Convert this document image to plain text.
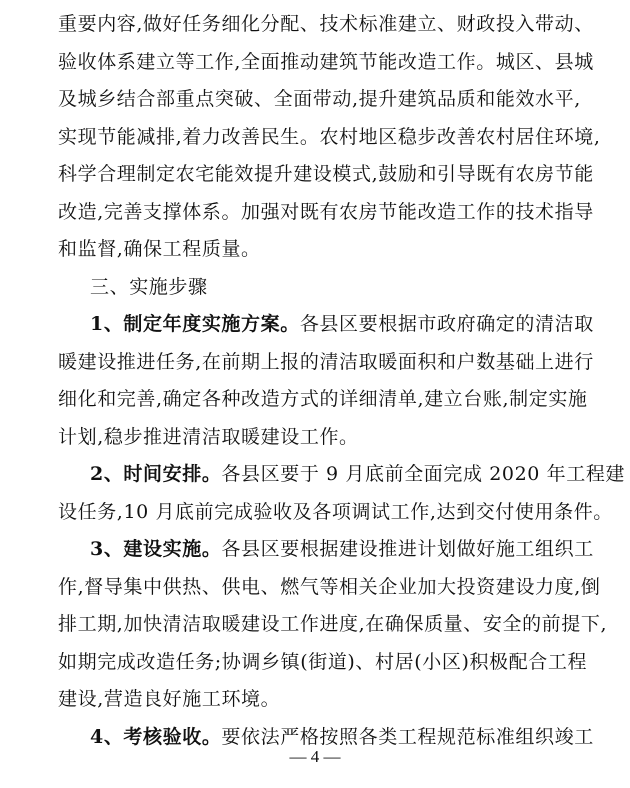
重要内容,做好任务细化分配、技术标准建立、财政投入带动、
验收体系建立等工作,全面推动建筑节能改造工作。城区、县城
及城乡结合部重点突破、全面带动,提升建筑品质和能效水平,
实现节能减排,着力改善民生。农村地区稳步改善农村居住环境,
科学合理制定农宅能效提升建设模式,鼓励和引导既有农房节能
改造,完善支撑体系。加强对既有农房节能改造工作的技术指导
和监督,确保工程质量。
三、实施步骤
1、制定年度实施方案。各县区要根据市政府确定的清洁取
暖建设推进任务,在前期上报的清洁取暖面积和户数基础上进行
细化和完善,确定各种改造方式的详细清单,建立台账,制定实施
计划,稳步推进清洁取暖建设工作。
2、时间安排。各县区要于 9 月底前全面完成 2020 年工程建
设任务,10 月底前完成验收及各项调试工作,达到交付使用条件。
3、建设实施。各县区要根据建设推进计划做好施工组织工
作,督导集中供热、供电、燃气等相关企业加大投资建设力度,倒
排工期,加快清洁取暖建设工作进度,在确保质量、安全的前提下,
如期完成改造任务;协调乡镇(街道)、村居(小区)积极配合工程
建设,营造良好施工环境。
4、考核验收。要依法严格按照各类工程规范标准组织竣工
— 4 —
